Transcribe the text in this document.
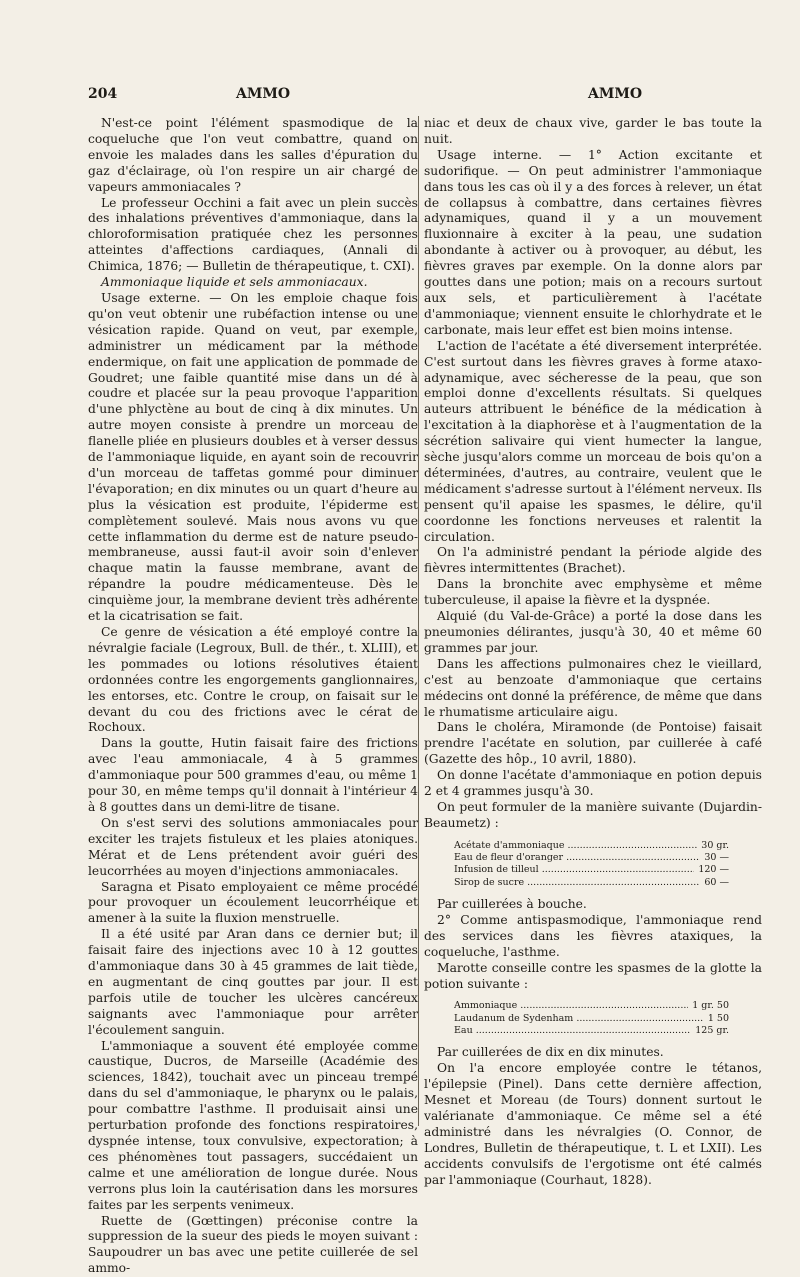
204	AMMO	AMMO

N'est-ce point l'élément spasmodique de la coqueluche que l'on veut combattre, quand on envoie les malades dans les salles d'épuration du gaz d'éclairage, où l'on respire un air chargé de vapeurs ammoniacales ?

Le professeur Occhini a fait avec un plein succès des inhalations préventives d'ammoniaque, dans la chloroformisation pratiquée chez les personnes atteintes d'affections cardiaques, (Annali di Chimica, 1876; — Bulletin de thérapeutique, t. CXI).

Ammoniaque liquide et sels ammoniacaux.

Usage externe. — On les emploie chaque fois qu'on veut obtenir une rubéfaction intense ou une vésication rapide. Quand on veut, par exemple, administrer un médicament par la méthode endermique, on fait une application de pommade de Goudret; une faible quantité mise dans un dé à coudre et placée sur la peau provoque l'apparition d'une phlyctène au bout de cinq à dix minutes. Un autre moyen consiste à prendre un morceau de flanelle pliée en plusieurs doubles et à verser dessus de l'ammoniaque liquide, en ayant soin de recouvrir d'un morceau de taffetas gommé pour diminuer l'évaporation; en dix minutes ou un quart d'heure au plus la vésication est produite, l'épiderme est complètement soulevé. Mais nous avons vu que cette inflammation du derme est de nature pseudo-membraneuse, aussi faut-il avoir soin d'enlever chaque matin la fausse membrane, avant de répandre la poudre médicamenteuse. Dès le cinquième jour, la membrane devient très adhérente et la cicatrisation se fait.

Ce genre de vésication a été employé contre la névralgie faciale (Legroux, Bull. de thér., t. XLIII), et les pommades ou lotions résolutives étaient ordonnées contre les engorgements ganglionnaires, les entorses, etc. Contre le croup, on faisait sur le devant du cou des frictions avec le cérat de Rochoux.

Dans la goutte, Hutin faisait faire des frictions avec l'eau ammoniacale, 4 à 5 grammes d'ammoniaque pour 500 grammes d'eau, ou même 1 pour 30, en même temps qu'il donnait à l'intérieur 4 à 8 gouttes dans un demi-litre de tisane.

On s'est servi des solutions ammoniacales pour exciter les trajets fistuleux et les plaies atoniques. Mérat et de Lens prétendent avoir guéri des leucorrhées au moyen d'injections ammoniacales.

Saragna et Pisato employaient ce même procédé pour provoquer un écoulement leucorrhéique et amener à la suite la fluxion menstruelle.

Il a été usité par Aran dans ce dernier but; il faisait faire des injections avec 10 à 12 gouttes d'ammoniaque dans 30 à 45 grammes de lait tiède, en augmentant de cinq gouttes par jour. Il est parfois utile de toucher les ulcères cancéreux saignants avec l'ammoniaque pour arrêter l'écoulement sanguin.

L'ammoniaque a souvent été employée comme caustique, Ducros, de Marseille (Académie des sciences, 1842), touchait avec un pinceau trempé dans du sel d'ammoniaque, le pharynx ou le palais, pour combattre l'asthme. Il produisait ainsi une perturbation profonde des fonctions respiratoires, dyspnée intense, toux convulsive, expectoration; à ces phénomènes tout passagers, succédaient un calme et une amélioration de longue durée. Nous verrons plus loin la cautérisation dans les morsures faites par les serpents venimeux.

Ruette de (Gœttingen) préconise contre la suppression de la sueur des pieds le moyen suivant : Saupoudrer un bas avec une petite cuillerée de sel ammo-

niac et deux de chaux vive, garder le bas toute la nuit.

Usage interne. — 1° Action excitante et sudorifique. — On peut administrer l'ammoniaque dans tous les cas où il y a des forces à relever, un état de collapsus à combattre, dans certaines fièvres adynamiques, quand il y a un mouvement fluxionnaire à exciter à la peau, une sudation abondante à activer ou à provoquer, au début, les fièvres graves par exemple. On la donne alors par gouttes dans une potion; mais on a recours surtout aux sels, et particulièrement à l'acétate d'ammoniaque; viennent ensuite le chlorhydrate et le carbonate, mais leur effet est bien moins intense.

L'action de l'acétate a été diversement interprétée. C'est surtout dans les fièvres graves à forme ataxo-adynamique, avec sécheresse de la peau, que son emploi donne d'excellents résultats. Si quelques auteurs attribuent le bénéfice de la médication à l'excitation à la diaphorèse et à l'augmentation de la sécrétion salivaire qui vient humecter la langue, sèche jusqu'alors comme un morceau de bois qu'on a déterminées, d'autres, au contraire, veulent que le médicament s'adresse surtout à l'élément nerveux. Ils pensent qu'il apaise les spasmes, le délire, qu'il coordonne les fonctions nerveuses et ralentit la circulation.

On l'a administré pendant la période algide des fièvres intermittentes (Brachet).

Dans la bronchite avec emphysème et même tuberculeuse, il apaise la fièvre et la dyspnée.

Alquié (du Val-de-Grâce) a porté la dose dans les pneumonies délirantes, jusqu'à 30, 40 et même 60 grammes par jour.

Dans les affections pulmonaires chez le vieillard, c'est au benzoate d'ammoniaque que certains médecins ont donné la préférence, de même que dans le rhumatisme articulaire aigu.

Dans le choléra, Miramonde (de Pontoise) faisait prendre l'acétate en solution, par cuillerée à café (Gazette des hôp., 10 avril, 1880).

On donne l'acétate d'ammoniaque en potion depuis 2 et 4 grammes jusqu'à 30.

On peut formuler de la manière suivante (Dujardin-Beaumetz) :

Acétate d'ammoniaque .....	30 gr.
Eau de fleur d'oranger .....	30 —
Infusion de tilleul .....	120 —
Sirop de sucre .....	60 —

Par cuillerées à bouche.

2° Comme antispasmodique, l'ammoniaque rend des services dans les fièvres ataxiques, la coqueluche, l'asthme.

Marotte conseille contre les spasmes de la glotte la potion suivante :

Ammoniaque .....	1 gr. 50
Laudanum de Sydenham .....	1 50
Eau .....	125 gr.

Par cuillerées de dix en dix minutes.

On l'a encore employée contre le tétanos, l'épilepsie (Pinel). Dans cette dernière affection, Mesnet et Moreau (de Tours) donnent surtout le valérianate d'ammoniaque. Ce même sel a été administré dans les névralgies (O. Connor, de Londres, Bulletin de thérapeutique, t. L et LXII). Les accidents convulsifs de l'ergotisme ont été calmés par l'ammoniaque (Courhaut, 1828).
